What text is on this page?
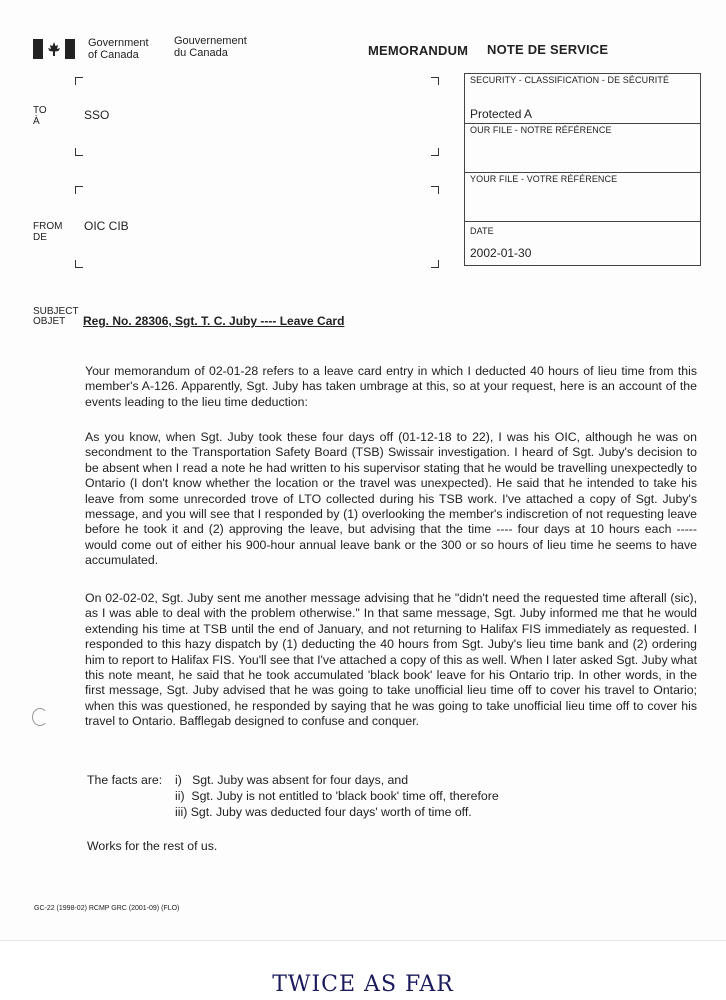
Government
of Canada
Gouvernement
du Canada	MEMORANDUM NOTE DE SERVICE
TO
À	SSO
FROM
DE
OIC CIB
SECURITY - CLASSIFICATION - DE SÉCURITÉ
Protected A
OUR FILE - NOTRE RÉFÉRENCE
YOUR FILE - VOTRE RÉFÉRENCE
DATE
2002-01-30
SUBJECT
OBJET	Reg. No. 28306, Sgt. T. C. Juby ---- Leave Card

Your memorandum of 02-01-28 refers to a leave card entry in which I deducted 40 hours of lieu time from this member's A-126. Apparently, Sgt. Juby has taken umbrage at this, so at your request, here is an account of the events leading to the lieu time deduction:

As you know, when Sgt. Juby took these four days off (01-12-18 to 22), I was his OIC, although he was on secondment to the Transportation Safety Board (TSB) Swissair investigation. I heard of Sgt. Juby's decision to be absent when I read a note he had written to his supervisor stating that he would be travelling unexpectedly to Ontario (I don't know whether the location or the travel was unexpected). He said that he intended to take his leave from some unrecorded trove of LTO collected during his TSB work. I've attached a copy of Sgt. Juby's message, and you will see that I responded by (1) overlooking the member's indiscretion of not requesting leave before he took it and (2) approving the leave, but advising that the time ---- four days at 10 hours each ----- would come out of either his 900-hour annual leave bank or the 300 or so hours of lieu time he seems to have accumulated.

On 02-02-02, Sgt. Juby sent me another message advising that he "didn't need the requested time afterall (sic), as I was able to deal with the problem otherwise." In that same message, Sgt. Juby informed me that he would extending his time at TSB until the end of January, and not returning to Halifax FIS immediately as requested. I responded to this hazy dispatch by (1) deducting the 40 hours from Sgt. Juby's lieu time bank and (2) ordering him to report to Halifax FIS. You'll see that I've attached a copy of this as well. When I later asked Sgt. Juby what this note meant, he said that he took accumulated 'black book' leave for his Ontario trip. In other words, in the first message, Sgt. Juby advised that he was going to take unofficial lieu time off to cover his travel to Ontario; when this was questioned, he responded by saying that he was going to take unofficial lieu time off to cover his travel to Ontario. Bafflegab designed to confuse and conquer.

The facts are: i)   Sgt. Juby was absent for four days, and
ii)  Sgt. Juby is not entitled to 'black book' time off, therefore
iii) Sgt. Juby was deducted four days' worth of time off.
Works for the rest of us.
GC-22 (1998-02) RCMP GRC (2001-09) (FLO)
TWICE AS FAR
